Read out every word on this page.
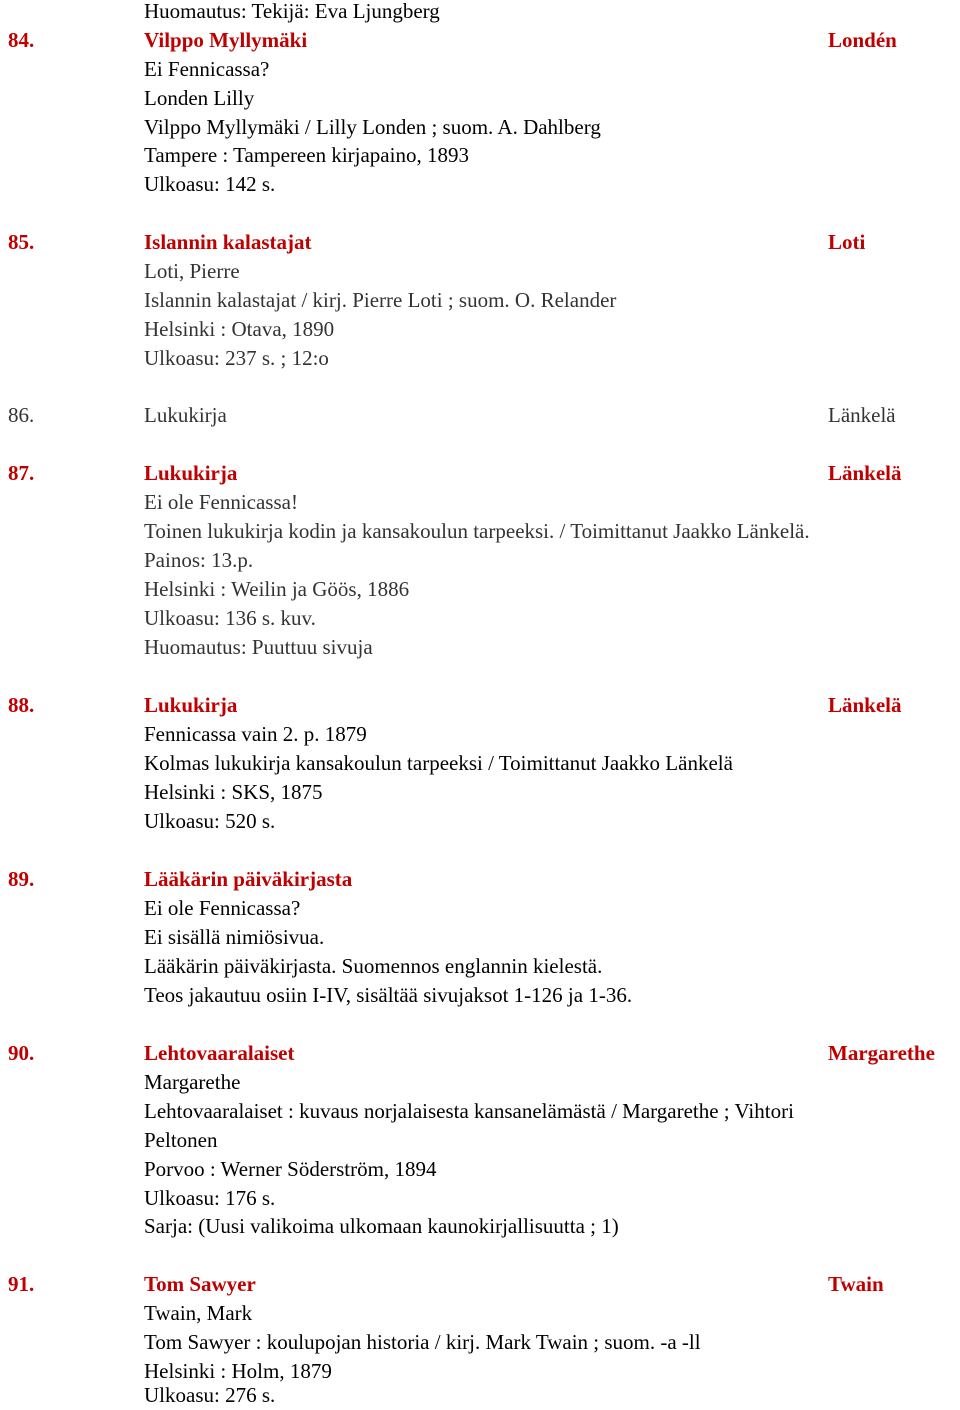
Huomautus: Tekijä: Eva Ljungberg
84.	Vilppo Myllymäki	Londén
Ei Fennicassa?
Londen Lilly
Vilppo Myllymäki / Lilly Londen ; suom. A. Dahlberg
Tampere : Tampereen kirjapaino, 1893
Ulkoasu: 142 s.
85.	Islannin kalastajat	Loti
Loti, Pierre
Islannin kalastajat / kirj. Pierre Loti ; suom. O. Relander
Helsinki : Otava, 1890
Ulkoasu: 237 s. ; 12:o
86.	Lukukirja	Länkelä
87.	Lukukirja	Länkelä
Ei ole Fennicassa!
Toinen lukukirja kodin ja kansakoulun tarpeeksi. / Toimittanut Jaakko Länkelä.
Painos: 13.p.
Helsinki : Weilin ja Göös, 1886
Ulkoasu: 136 s. kuv.
Huomautus: Puuttuu sivuja
88.	Lukukirja	Länkelä
Fennicassa vain 2. p. 1879
Kolmas lukukirja kansakoulun tarpeeksi / Toimittanut Jaakko Länkelä
Helsinki : SKS, 1875
Ulkoasu: 520 s.
89.	Lääkärin päiväkirjasta
Ei ole Fennicassa?
Ei sisällä nimiösivua.
Lääkärin päiväkirjasta. Suomennos englannin kielestä.
Teos jakautuu osiin I-IV, sisältää sivujaksot 1-126 ja 1-36.
90.	Lehtovaaralaiset	Margarethe
Margarethe
Lehtovaaralaiset : kuvaus norjalaisesta kansanelämästä / Margarethe ; Vihtori
Peltonen
Porvoo : Werner Söderström, 1894
Ulkoasu: 176 s.
Sarja: (Uusi valikoima ulkomaan kaunokirjallisuutta ; 1)
91.	Tom Sawyer	Twain
Twain, Mark
Tom Sawyer : koulupojan historia / kirj. Mark Twain ; suom. -a -ll
Helsinki : Holm, 1879
Ulkoasu: 276 s.
